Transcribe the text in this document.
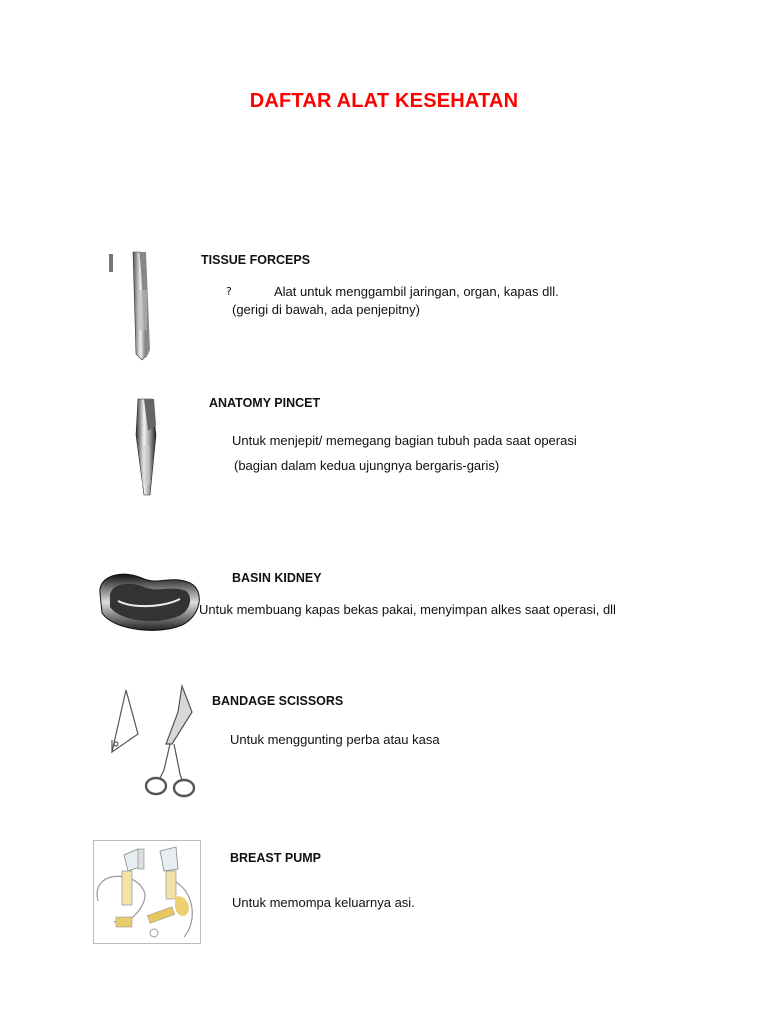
DAFTAR ALAT KESEHATAN
TISSUE FORCEPS
?	Alat untuk menggambil jaringan, organ, kapas dll.
(gerigi di bawah, ada penjepitny)
ANATOMY PINCET
Untuk menjepit/ memegang bagian tubuh pada saat operasi
(bagian dalam kedua ujungnya bergaris-garis)
BASIN KIDNEY
Untuk membuang kapas bekas pakai, menyimpan alkes saat operasi, dll
BANDAGE SCISSORS
Untuk menggunting perba atau kasa
BREAST PUMP
Untuk memompa keluarnya asi.
